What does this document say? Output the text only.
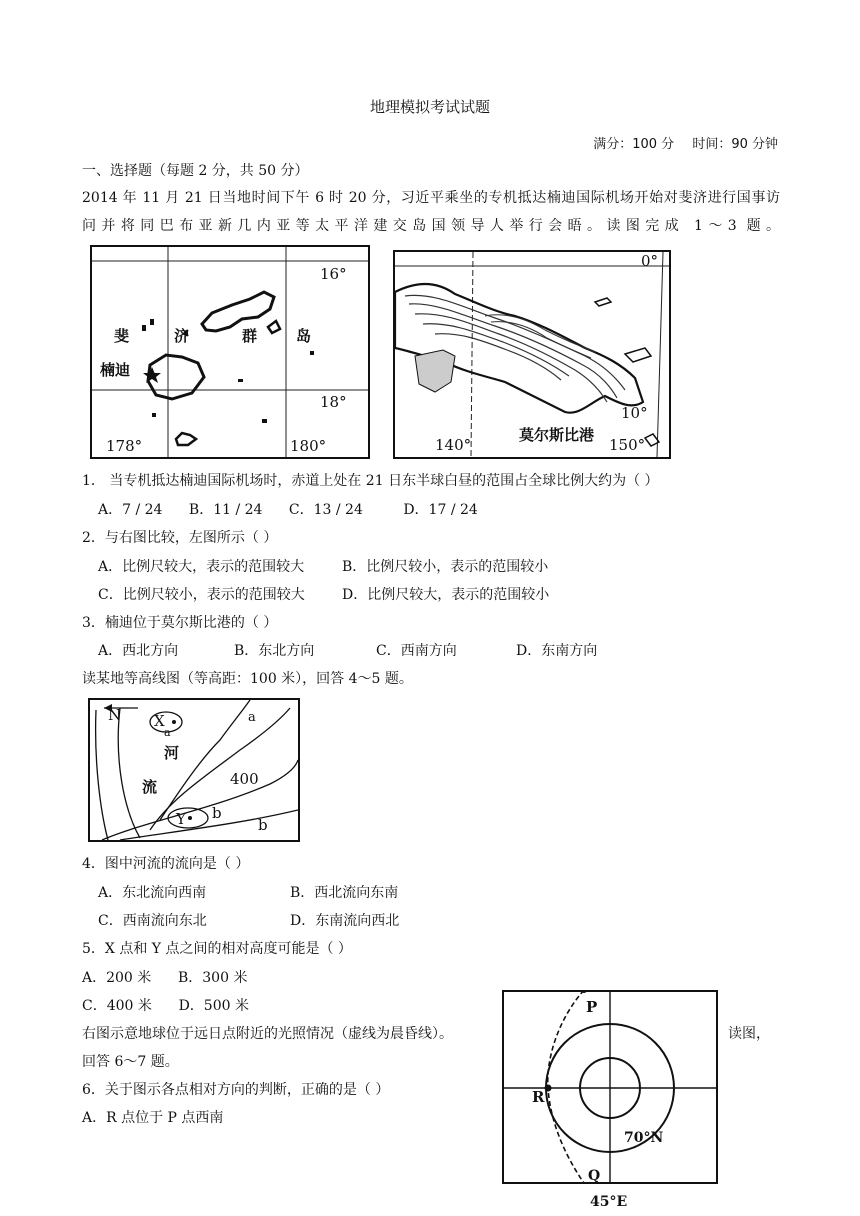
地理模拟考试试题
满分：100 分 时间：90 分钟
一、选择题（每题 2 分，共 50 分）
2014 年 11 月 21 日当地时间下午 6 时 20 分，习近平乘坐的专机抵达楠迪国际机场开始对斐济进行国事访
问并将同巴布亚新几内亚等太平洋建交岛国领导人举行会晤。读图完成 1～3 题。
16°
18°
178°	180°
斐	济	群	岛
楠迪
0°
10°
140°	150°
莫尔斯比港
1． 当专机抵达楠迪国际机场时，赤道上处在 21 日东半球白昼的范围占全球比例大约为（ ）
A．7 / 24 B．11 / 24 C．13 / 24	D．17 / 24
2．与右图比较，左图所示（ ）
A．比例尺较大，表示的范围较大	B．比例尺较小，表示的范围较小
C．比例尺较小，表示的范围较大	D．比例尺较大，表示的范围较小
3．楠迪位于莫尔斯比港的（ ）
A．西北方向	B．东北方向	C．西南方向	D．东南方向
读某地等高线图（等高距：100 米），回答 4～5 题。
N X
a
a
河
流	400
Y b
b
4．图中河流的流向是（ ）
A．东北流向西南	B．西北流向东南
C．西南流向东北	D．东南流向西北
5．X 点和 Y 点之间的相对高度可能是（ ）
A．200 米      B．300 米
C．400 米      D．500 米
右图示意地球位于远日点附近的光照情况（虚线为晨昏线）。	读图，
回答 6～7 题。
6．关于图示各点相对方向的判断，正确的是（ ）
A．R 点位于 P 点西南
P
R
Q
70°N
45°E
